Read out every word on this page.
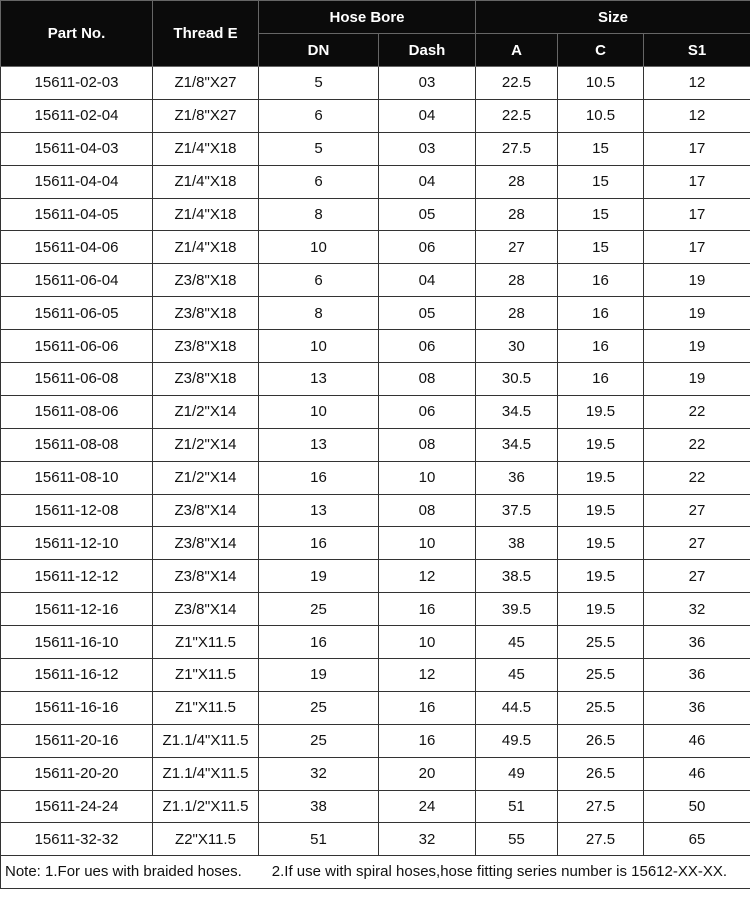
Part No.	Thread E	Hose Bore		Size		
		DN	Dash	A	C	S1
15611-02-03	Z1/8"X27	5	03	22.5	10.5	12
15611-02-04	Z1/8"X27	6	04	22.5	10.5	12
15611-04-03	Z1/4"X18	5	03	27.5	15	17
15611-04-04	Z1/4"X18	6	04	28	15	17
15611-04-05	Z1/4"X18	8	05	28	15	17
15611-04-06	Z1/4"X18	10	06	27	15	17
15611-06-04	Z3/8"X18	6	04	28	16	19
15611-06-05	Z3/8"X18	8	05	28	16	19
15611-06-06	Z3/8"X18	10	06	30	16	19
15611-06-08	Z3/8"X18	13	08	30.5	16	19
15611-08-06	Z1/2"X14	10	06	34.5	19.5	22
15611-08-08	Z1/2"X14	13	08	34.5	19.5	22
15611-08-10	Z1/2"X14	16	10	36	19.5	22
15611-12-08	Z3/8"X14	13	08	37.5	19.5	27
15611-12-10	Z3/8"X14	16	10	38	19.5	27
15611-12-12	Z3/8"X14	19	12	38.5	19.5	27
15611-12-16	Z3/8"X14	25	16	39.5	19.5	32
15611-16-10	Z1"X11.5	16	10	45	25.5	36
15611-16-12	Z1"X11.5	19	12	45	25.5	36
15611-16-16	Z1"X11.5	25	16	44.5	25.5	36
15611-20-16	Z1.1/4"X11.5	25	16	49.5	26.5	46
15611-20-20	Z1.1/4"X11.5	32	20	49	26.5	46
15611-24-24	Z1.1/2"X11.5	38	24	51	27.5	50
15611-32-32	Z2"X11.5	51	32	55	27.5	65
Note: 1.For ues with braided hoses. 2.If use with spiral hoses,hose fitting series number is 15612-XX-XX.						
